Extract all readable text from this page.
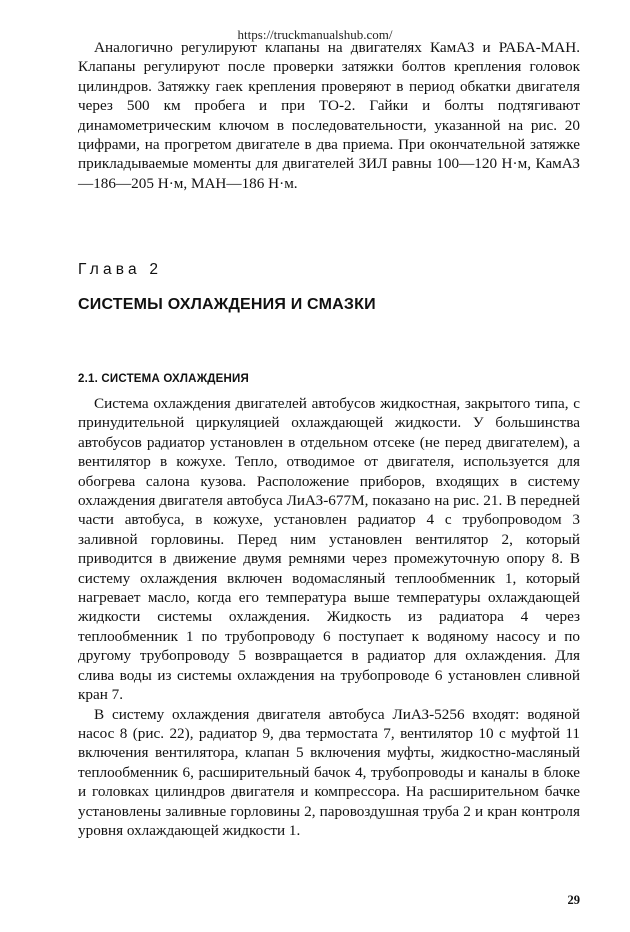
https://truckmanualshub.com/

Аналогично регулируют клапаны на двигателях КамАЗ и РАБА-МАН. Клапаны регулируют после проверки затяжки болтов крепления головок цилиндров. Затяжку гаек крепления проверяют в период обкатки двигателя через 500 км пробега и при ТО-2. Гайки и болты подтягивают динамометрическим ключом в последовательности, указанной на рис. 20 цифрами, на прогретом двигателе в два приема. При окончательной затяжке прикладываемые моменты для двигателей ЗИЛ равны 100—120 Н·м, КамАЗ—186—205 Н·м, МАН—186 Н·м.

Глава 2
СИСТЕМЫ ОХЛАЖДЕНИЯ И СМАЗКИ
2.1. СИСТЕМА ОХЛАЖДЕНИЯ

Система охлаждения двигателей автобусов жидкостная, закрытого типа, с принудительной циркуляцией охлаждающей жидкости. У большинства автобусов радиатор установлен в отдельном отсеке (не перед двигателем), а вентилятор в кожухе. Тепло, отводимое от двигателя, используется для обогрева салона кузова. Расположение приборов, входящих в систему охлаждения двигателя автобуса ЛиАЗ-677М, показано на рис. 21. В передней части автобуса, в кожухе, установлен радиатор 4 с трубопроводом 3 заливной горловины. Перед ним установлен вентилятор 2, который приводится в движение двумя ремнями через промежуточную опору 8. В систему охлаждения включен водомасляный теплообменник 1, который нагревает масло, когда его температура выше температуры охлаждающей жидкости системы охлаждения. Жидкость из радиатора 4 через теплообменник 1 по трубопроводу 6 поступает к водяному насосу и по другому трубопроводу 5 возвращается в радиатор для охлаждения. Для слива воды из системы охлаждения на трубопроводе 6 установлен сливной кран 7.

В систему охлаждения двигателя автобуса ЛиАЗ-5256 входят: водяной насос 8 (рис. 22), радиатор 9, два термостата 7, вентилятор 10 с муфтой 11 включения вентилятора, клапан 5 включения муфты, жидкостно-масляный теплообменник 6, расширительный бачок 4, трубопроводы и каналы в блоке и головках цилиндров двигателя и компрессора. На расширительном бачке установлены заливные горловины 2, паровоздушная труба 2 и кран контроля уровня охлаждающей жидкости 1.

29
